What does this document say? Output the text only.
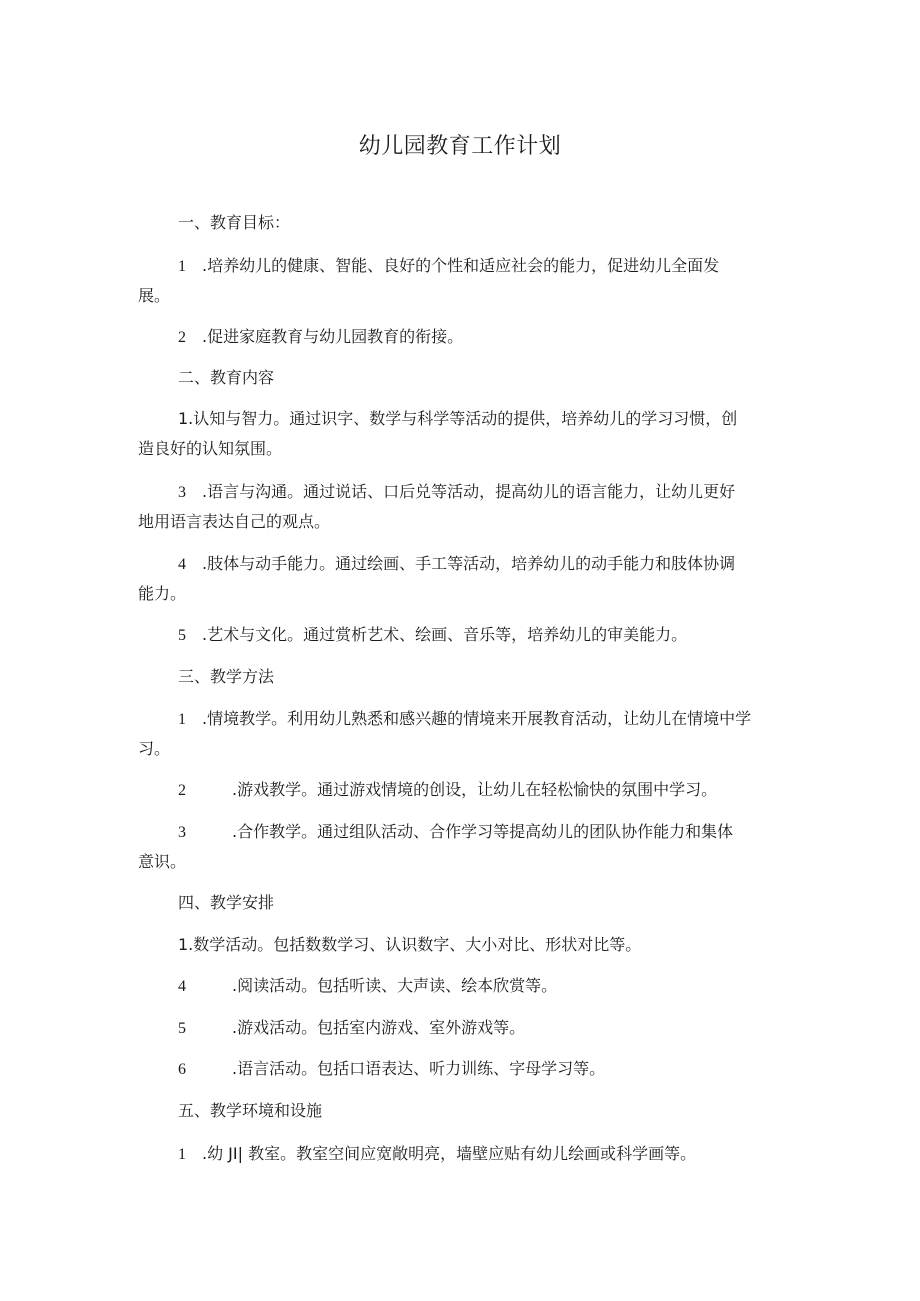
幼儿园教育工作计划
一、教育目标：
1 .培养幼儿的健康、智能、良好的个性和适应社会的能力，促进幼儿全面发
展。
2 .促进家庭教育与幼儿园教育的衔接。
二、教育内容
1.认知与智力。通过识字、数学与科学等活动的提供，培养幼儿的学习习惯，创
造良好的认知氛围。
3 .语言与沟通。通过说话、口后兑等活动，提高幼儿的语言能力，让幼儿更好
地用语言表达自己的观点。
4 .肢体与动手能力。通过绘画、手工等活动，培养幼儿的动手能力和肢体协调
能力。
5 .艺术与文化。通过赏析艺术、绘画、音乐等，培养幼儿的审美能力。
三、教学方法
1 .情境教学。利用幼儿熟悉和感兴趣的情境来开展教育活动，让幼儿在情境中学
习。
2	.游戏教学。通过游戏情境的创设，让幼儿在轻松愉快的氛围中学习。
3	.合作教学。通过组队活动、合作学习等提高幼儿的团队协作能力和集体
意识。
四、教学安排
1.数学活动。包括数数学习、认识数字、大小对比、形状对比等。
4	.阅读活动。包括听读、大声读、绘本欣赏等。
5	.游戏活动。包括室内游戏、室外游戏等。
6	.语言活动。包括口语表达、听力训练、字母学习等。
五、教学环境和设施
1 .幼 JI| 教室。教室空间应宽敞明亮，墙壁应贴有幼儿绘画或科学画等。
